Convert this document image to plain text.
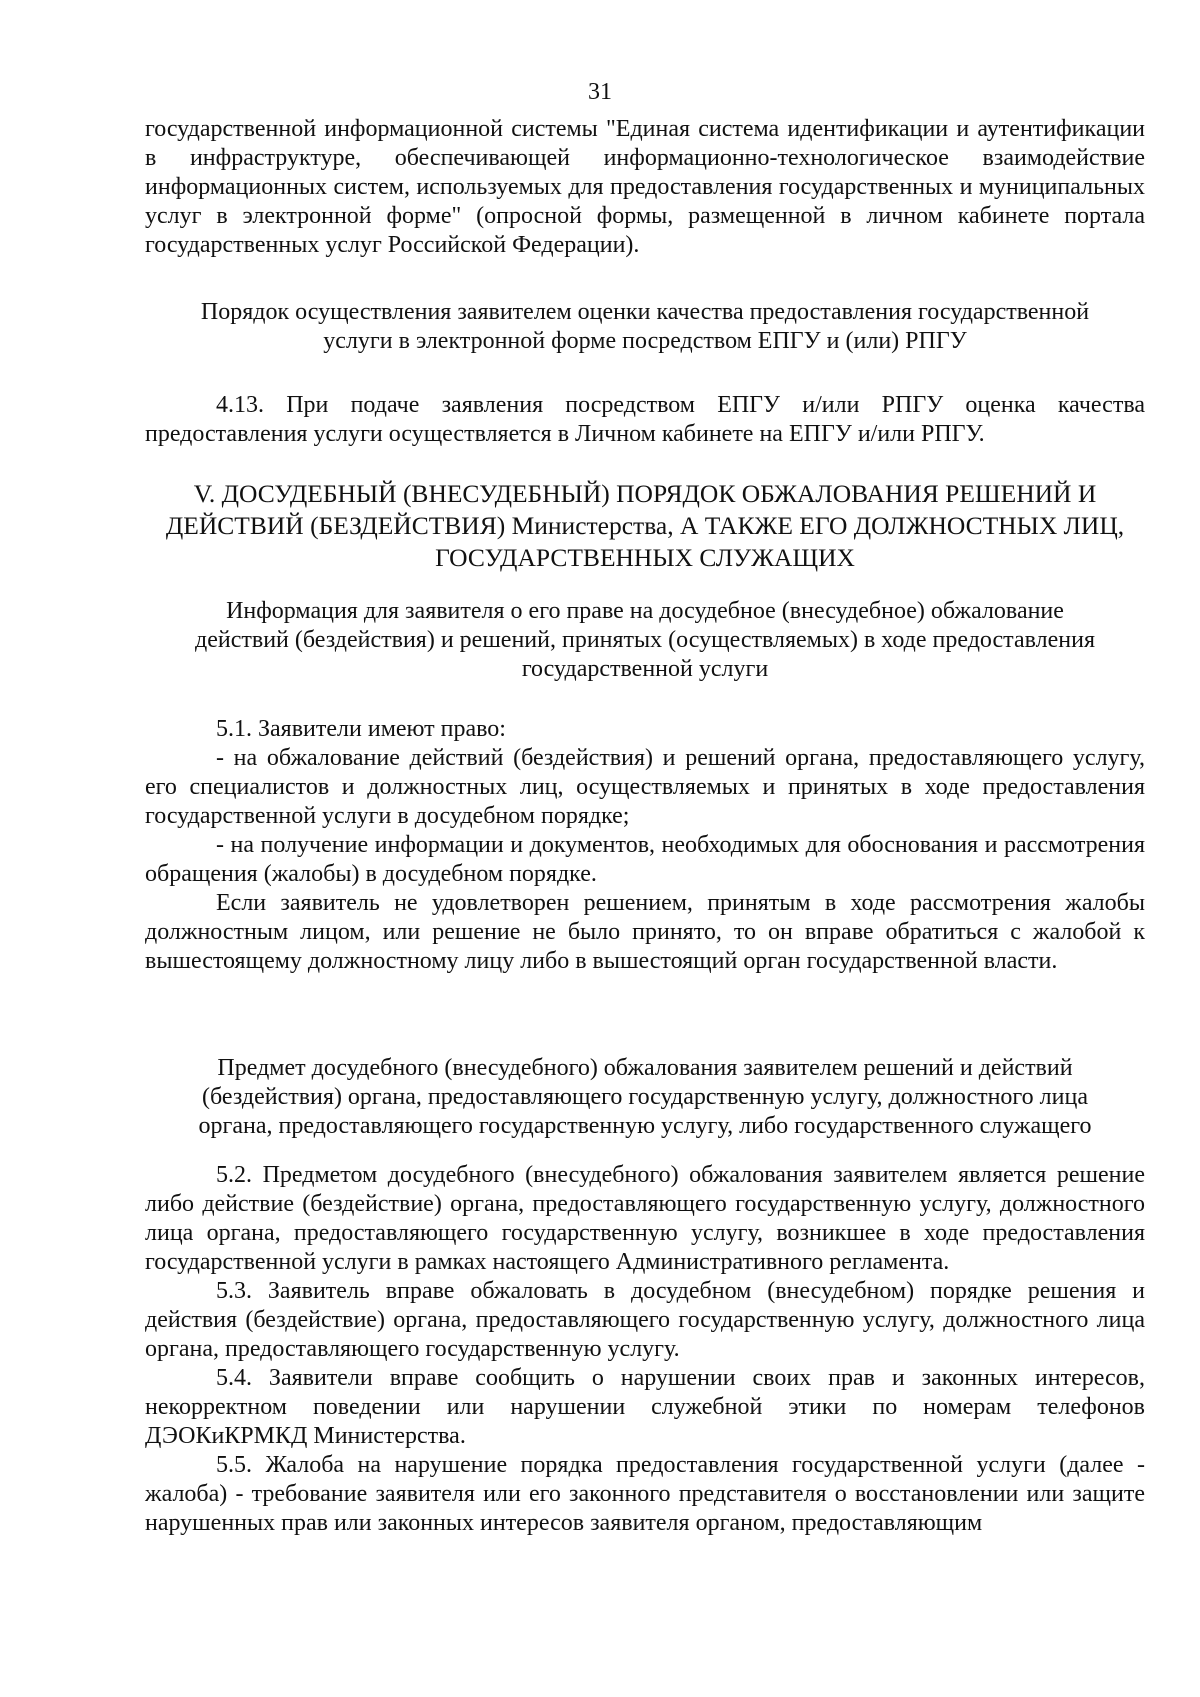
31

государственной информационной системы "Единая система идентификации и аутентификации в инфраструктуре, обеспечивающей информационно-технологическое взаимодействие информационных систем, используемых для предоставления государственных и муниципальных услуг в электронной форме" (опросной формы, размещенной в личном кабинете портала государственных услуг Российской Федерации).

Порядок осуществления заявителем оценки качества предоставления государственной
услуги в электронной форме посредством ЕПГУ и (или) РПГУ

4.13. При подаче заявления посредством ЕПГУ и/или РПГУ оценка качества предоставления услуги осуществляется в Личном кабинете на ЕПГУ и/или РПГУ.

V. ДОСУДЕБНЫЙ (ВНЕСУДЕБНЫЙ) ПОРЯДОК ОБЖАЛОВАНИЯ РЕШЕНИЙ И
ДЕЙСТВИЙ (БЕЗДЕЙСТВИЯ) Министерства, А ТАКЖЕ ЕГО ДОЛЖНОСТНЫХ ЛИЦ,
ГОСУДАРСТВЕННЫХ СЛУЖАЩИХ
Информация для заявителя о его праве на досудебное (внесудебное) обжалование
действий (бездействия) и решений, принятых (осуществляемых) в ходе предоставления
государственной услуги

5.1. Заявители имеют право:

- на обжалование действий (бездействия) и решений органа, предоставляющего услугу, его специалистов и должностных лиц, осуществляемых и принятых в ходе предоставления государственной услуги в досудебном порядке;

- на получение информации и документов, необходимых для обоснования и рассмотрения обращения (жалобы) в досудебном порядке.

Если заявитель не удовлетворен решением, принятым в ходе рассмотрения жалобы должностным лицом, или решение не было принято, то он вправе обратиться с жалобой к вышестоящему должностному лицу либо в вышестоящий орган государственной власти.

Предмет досудебного (внесудебного) обжалования заявителем решений и действий
(бездействия) органа, предоставляющего государственную услугу, должностного лица
органа, предоставляющего государственную услугу, либо государственного служащего

5.2. Предметом досудебного (внесудебного) обжалования заявителем является решение либо действие (бездействие) органа, предоставляющего государственную услугу, должностного лица органа, предоставляющего государственную услугу, возникшее в ходе предоставления государственной услуги в рамках настоящего Административного регламента.

5.3. Заявитель вправе обжаловать в досудебном (внесудебном) порядке решения и действия (бездействие) органа, предоставляющего государственную услугу, должностного лица органа, предоставляющего государственную услугу.

5.4. Заявители вправе сообщить о нарушении своих прав и законных интересов, некорректном поведении или нарушении служебной этики по номерам телефонов ДЭОКиКРМКД Министерства.

5.5. Жалоба на нарушение порядка предоставления государственной услуги (далее - жалоба) - требование заявителя или его законного представителя о восстановлении или защите нарушенных прав или законных интересов заявителя органом, предоставляющим
